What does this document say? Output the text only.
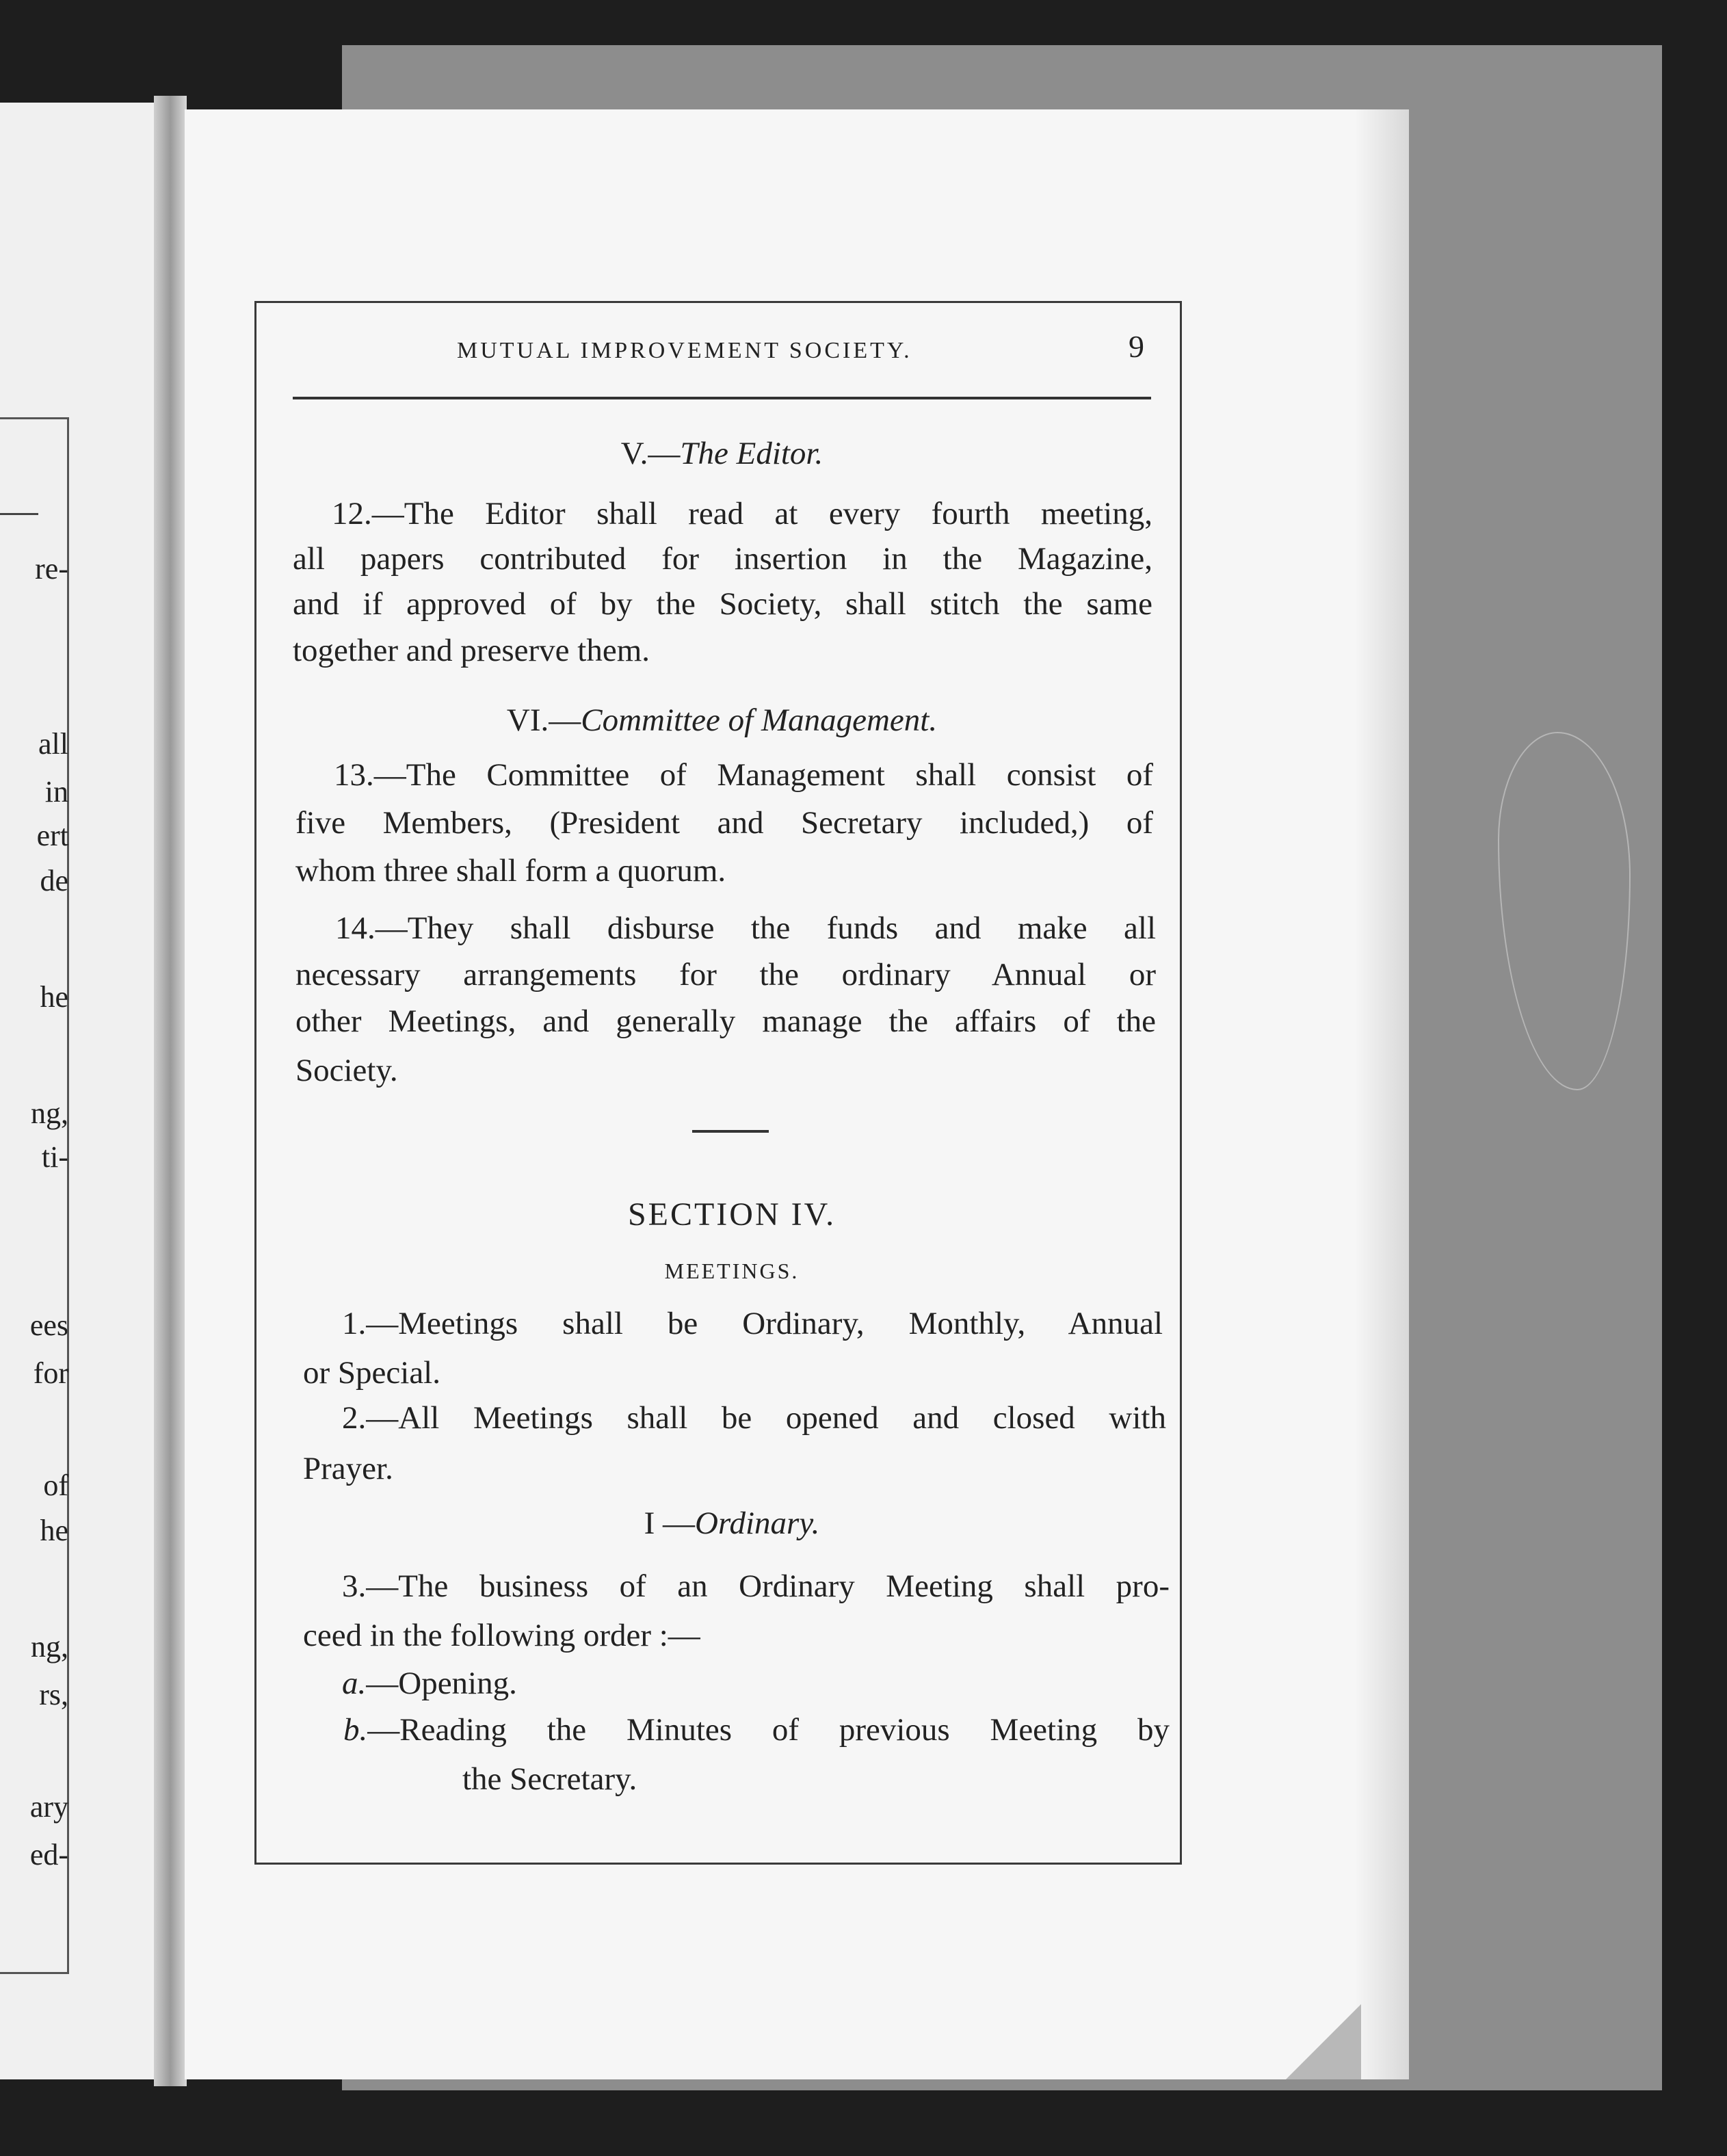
re-
all
in
ert
de
he
ng,
ti-
ees
for
of
he
ng,
rs,
ary
ed-
MUTUAL IMPROVEMENT SOCIETY.	9
V.—The Editor.
12.—The Editor shall read at every fourth meeting,
all papers contributed for insertion in the Magazine,
and if approved of by the Society, shall stitch the same
together and preserve them.
VI.—Committee of Management.
13.—The Committee of Management shall consist of
five Members, (President and Secretary included,) of
whom three shall form a quorum.
14.—They shall disburse the funds and make all
necessary arrangements for the ordinary Annual or
other Meetings, and generally manage the affairs of the
Society.
SECTION IV.
MEETINGS.
1.—Meetings shall be Ordinary, Monthly, Annual
or Special.
2.—All Meetings shall be opened and closed with
Prayer.
I —Ordinary.
3.—The business of an Ordinary Meeting shall pro-
ceed in the following order :—
a.—Opening.
b.—Reading the Minutes of previous Meeting by
the Secretary.
